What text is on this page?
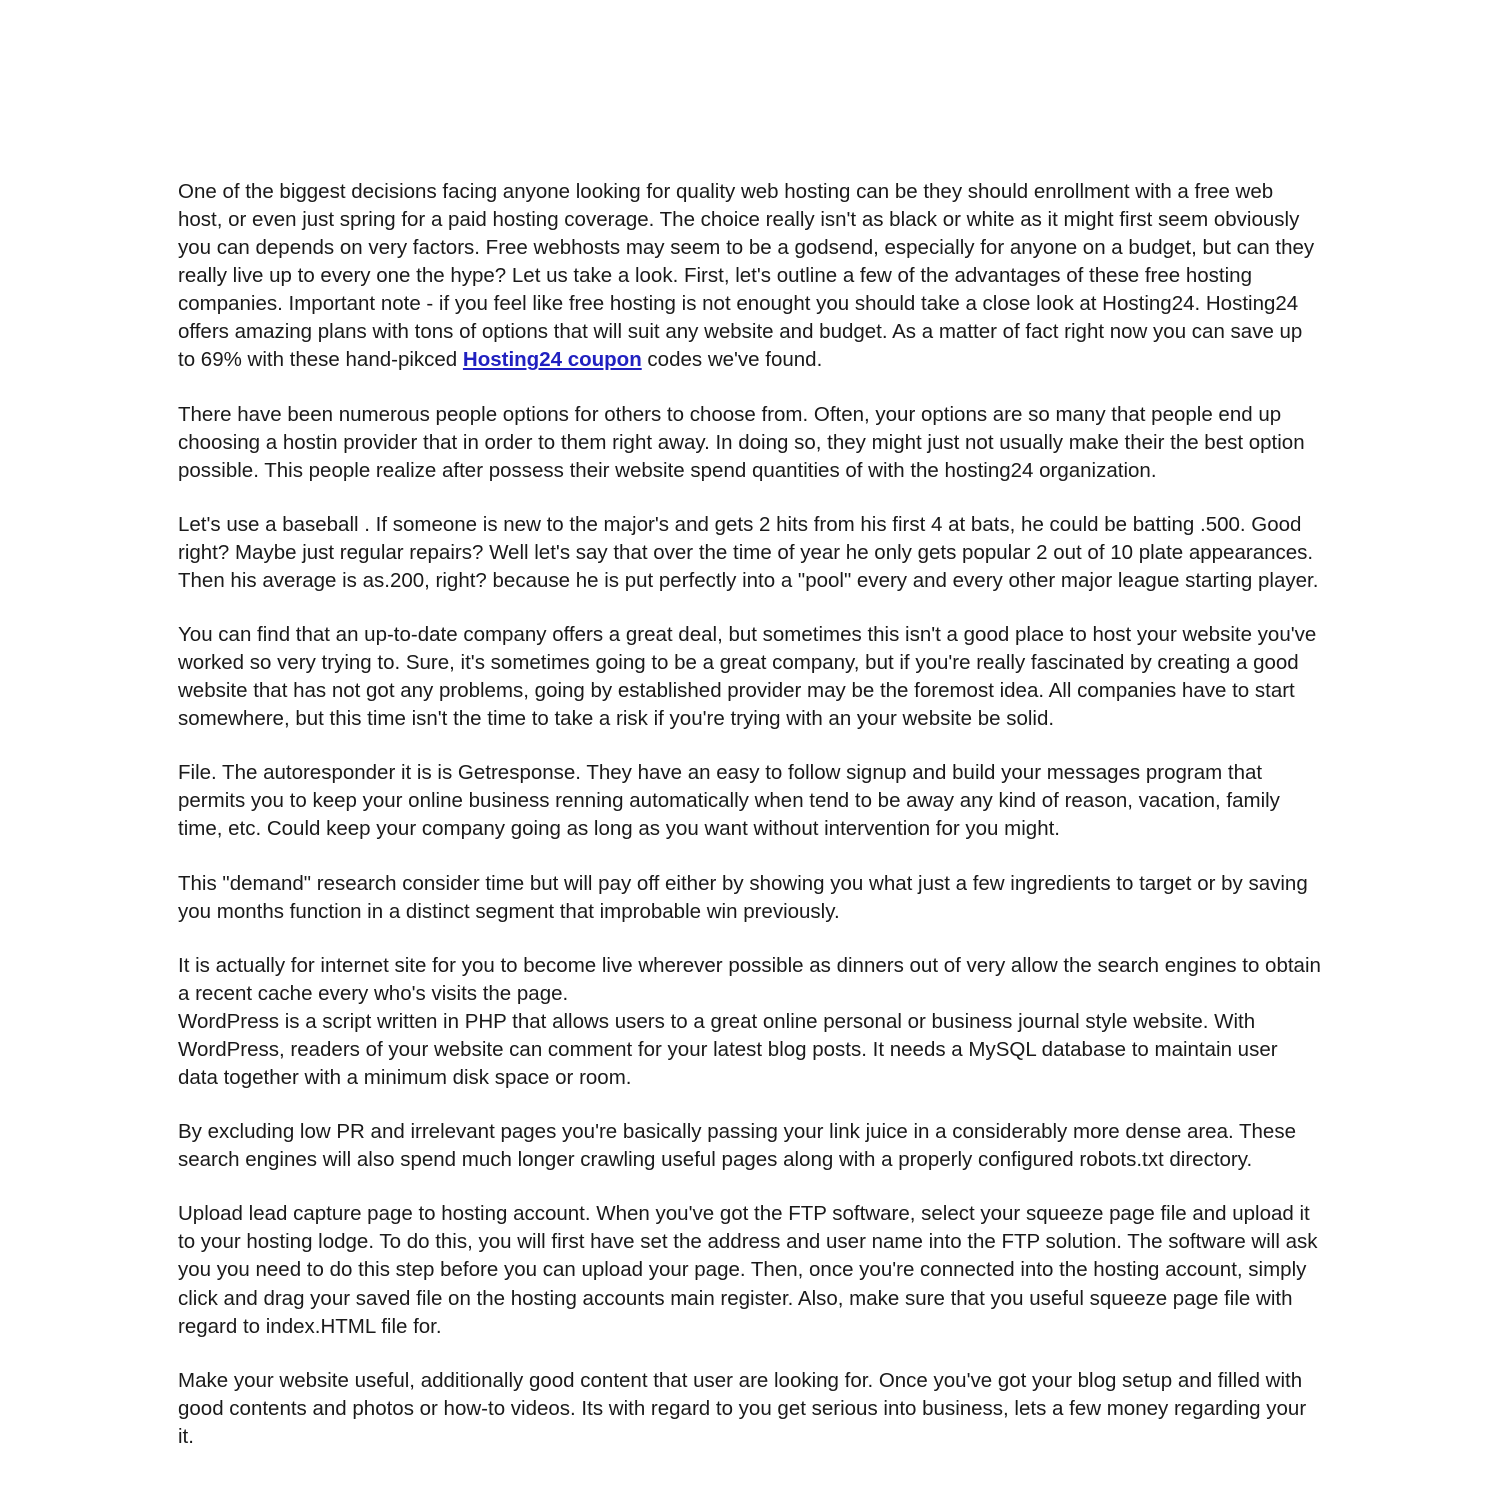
One of the biggest decisions facing anyone looking for quality web hosting can be they should enrollment with a free web host, or even just spring for a paid hosting coverage. The choice really isn't as black or white as it might first seem obviously you can depends on very factors. Free webhosts may seem to be a godsend, especially for anyone on a budget, but can they really live up to every one the hype? Let us take a look. First, let's outline a few of the advantages of these free hosting companies. Important note - if you feel like free hosting is not enought you should take a close look at Hosting24. Hosting24 offers amazing plans with tons of options that will suit any website and budget. As a matter of fact right now you can save up to 69% with these hand-pikced Hosting24 coupon codes we've found.

There have been numerous people options for others to choose from. Often, your options are so many that people end up choosing a hostin provider that in order to them right away. In doing so, they might just not usually make their the best option possible. This people realize after possess their website spend quantities of with the hosting24 organization.

Let's use a baseball . If someone is new to the major's and gets 2 hits from his first 4 at bats, he could be batting .500. Good right? Maybe just regular repairs? Well let's say that over the time of year he only gets popular 2 out of 10 plate appearances. Then his average is as.200, right? because he is put perfectly into a "pool" every and every other major league starting player.

You can find that an up-to-date company offers a great deal, but sometimes this isn't a good place to host your website you've worked so very trying to. Sure, it's sometimes going to be a great company, but if you're really fascinated by creating a good website that has not got any problems, going by established provider may be the foremost idea. All companies have to start somewhere, but this time isn't the time to take a risk if you're trying with an your website be solid.

File. The autoresponder it is is Getresponse. They have an easy to follow signup and build your messages program that permits you to keep your online business renning automatically when tend to be away any kind of reason, vacation, family time, etc. Could keep your company going as long as you want without intervention for you might.

This "demand" research consider time but will pay off either by showing you what just a few ingredients to target or by saving you months function in a distinct segment that improbable win previously.

It is actually for internet site for you to become live wherever possible as dinners out of very allow the search engines to obtain a recent cache every who's visits the page.

WordPress is a script written in PHP that allows users to a great online personal or business journal style website. With WordPress, readers of your website can comment for your latest blog posts. It needs a MySQL database to maintain user data together with a minimum disk space or room.

By excluding low PR and irrelevant pages you're basically passing your link juice in a considerably more dense area. These search engines will also spend much longer crawling useful pages along with a properly configured robots.txt directory.

Upload lead capture page to hosting account. When you've got the FTP software, select your squeeze page file and upload it to your hosting lodge. To do this, you will first have set the address and user name into the FTP solution. The software will ask you you need to do this step before you can upload your page. Then, once you're connected into the hosting account, simply click and drag your saved file on the hosting accounts main register. Also, make sure that you useful squeeze page file with regard to index.HTML file for.

Make your website useful, additionally good content that user are looking for. Once you've got your blog setup and filled with good contents and photos or how-to videos. Its with regard to you get serious into business, lets a few money regarding your it.
